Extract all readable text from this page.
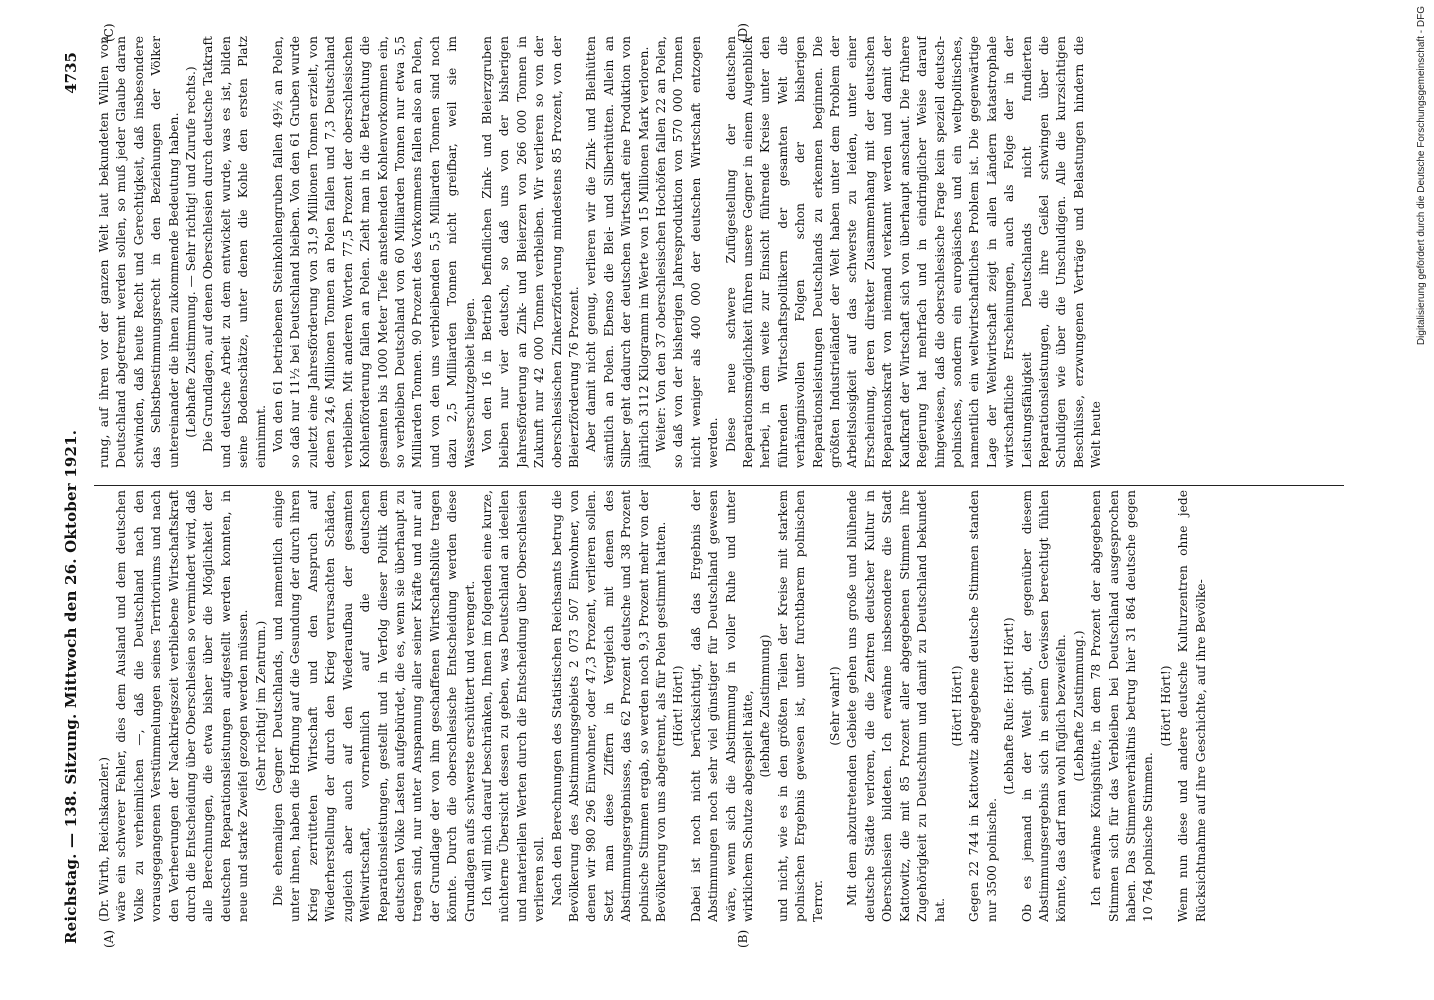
Reichstag. — 138. Sitzung. Mittwoch den 26. Oktober 1921.
4735
(A)	(B)
(C)	(D)

(Dr. Wirth, Reichskanzler.) wäre ein schwerer Fehler, dies dem Ausland und dem deutschen Volke zu verheimlichen —, daß die Deutschland nach den vorausgegangenen Verstümmelungen seines Territoriums und nach den Verheerungen der Nachkriegszeit verbliebene Wirtschaftskraft durch die Entscheidung über Oberschlesien so vermindert wird, daß alle Berechnungen, die etwa bisher über die Möglichkeit der deutschen Reparationsleistungen aufgestellt werden konnten, in neue und starke Zweifel gezogen werden müssen. (Sehr richtig! im Zentrum.) Die ehemaligen Gegner Deutschlands, und namentlich einige unter ihnen, haben die Hoffnung auf die Gesundung der durch ihren Krieg zerrütteten Wirtschaft und den Anspruch auf Wiederherstellung der durch den Krieg verursachten Schäden, zugleich aber auch auf den Wiederaufbau der gesamten Weltwirtschaft, vornehmlich auf die deutschen Reparationsleistungen, gestellt und in Verfolg dieser Politik dem deutschen Volke Lasten aufgebürdet, die es, wenn sie überhaupt zu tragen sind, nur unter Anspannung aller seiner Kräfte und nur auf der Grundlage der von ihm geschaffenen Wirtschaftsblüte tragen könnte. Durch die oberschlesische Entscheidung werden diese Grundlagen aufs schwerste erschüttert und verengert. Ich will mich darauf beschränken, Ihnen im folgenden eine kurze, nüchterne Übersicht dessen zu geben, was Deutschland an ideellen und materiellen Werten durch die Entscheidung über Oberschlesien verlieren soll. Nach den Berechnungen des Statistischen Reichsamts betrug die Bevölkerung des Abstimmungsgebiets 2 073 507 Einwohner, von denen wir 980 296 Einwohner, oder 47,3 Prozent, verlieren sollen. Setzt man diese Ziffern in Vergleich mit denen des Abstimmungsergebnisses, das 62 Prozent deutsche und 38 Prozent polnische Stimmen ergab, so werden noch 9,3 Prozent mehr von der Bevölkerung von uns abgetrennt, als für Polen gestimmt hatten. (Hört! Hört!) Dabei ist noch nicht berücksichtigt, daß das Ergebnis der Abstimmungen noch sehr viel günstiger für Deutschland gewesen wäre, wenn sich die Abstimmung in voller Ruhe und unter wirklichem Schutze abgespielt hätte, (lebhafte Zustimmung) und nicht, wie es in den größten Teilen der Kreise mit starkem polnischen Ergebnis gewesen ist, unter furchtbarem polnischen Terror.

(Sehr wahr!) Mit dem abzutretenden Gebiete gehen uns große und blühende deutsche Städte verloren, die die Zentren deutscher Kultur in Oberschlesien bildeten. Ich erwähne insbesondere die Stadt Kattowitz, die mit 85 Prozent aller abgegebenen Stimmen ihre Zugehörigkeit zu Deutschtum und damit zu Deutschland bekundet hat.

(Hört! Hört!) Gegen 22 744 in Kattowitz abgegebene deutsche Stimmen standen nur 3500 polnische.

(Lebhafte Rufe: Hört! Hört!) Ob es jemand in der Welt gibt, der gegenüber diesem Abstimmungsergebnis sich in seinem Gewissen berechtigt fühlen könnte, das darf man wohl füglich bezweifeln. (Lebhafte Zustimmung.) Ich erwähne Königshütte, in dem 78 Prozent der abgegebenen Stimmen sich für das Verbleiben bei Deutschland ausgesprochen haben. Das Stimmenverhältnis betrug hier 31 864 deutsche gegen 10 764 polnische Stimmen.

(Hört! Hört!) Wenn nun diese und andere deutsche Kulturzentren ohne jede Rücksichtnahme auf ihre Geschichte, auf ihre Bevölke-

rung, auf ihren vor der ganzen Welt laut bekundeten Willen von Deutschland abgetrennt werden sollen, so muß jeder Glaube daran schwinden, daß heute Recht und Gerechtigkeit, daß insbesondere das Selbstbestimmungsrecht in den Beziehungen der Völker untereinander die ihnen zukommende Bedeutung haben. (Lebhafte Zustimmung. — Sehr richtig! und Zurufe rechts.) Die Grundlagen, auf denen Oberschlesien durch deutsche Tatkraft und deutsche Arbeit zu dem entwickelt wurde, was es ist, bilden seine Bodenschätze, unter denen die Kohle den ersten Platz einnimmt. Von den 61 betriebenen Steinkohlengruben fallen 49½ an Polen, so daß nur 11½ bei Deutschland bleiben. Von den 61 Gruben wurde zuletzt eine Jahresförderung von 31,9 Millionen Tonnen erzielt, von denen 24,6 Millionen Tonnen an Polen fallen und 7,3 Deutschland verbleiben. Mit anderen Worten 77,5 Prozent der oberschlesischen Kohlenförderung fallen an Polen. Zieht man in die Betrachtung die gesamten bis 1000 Meter Tiefe anstehenden Kohlenvorkommen ein, so verbleiben Deutschland von 60 Milliarden Tonnen nur etwa 5,5 Milliarden Tonnen. 90 Prozent des Vorkommens fallen also an Polen, und von den uns verbleibenden 5,5 Milliarden Tonnen sind noch dazu 2,5 Milliarden Tonnen nicht greifbar, weil sie im Wasserschutzgebiet liegen. Von den 16 in Betrieb befindlichen Zink- und Bleierzgruben bleiben nur vier deutsch, so daß uns von der bisherigen Jahresförderung an Zink- und Bleierzen von 266 000 Tonnen in Zukunft nur 42 000 Tonnen verbleiben. Wir verlieren so von der oberschlesischen Zinkerzförderung mindestens 85 Prozent, von der Bleierzförderung 76 Prozent. Aber damit nicht genug, verlieren wir die Zink- und Bleihütten sämtlich an Polen. Ebenso die Blei- und Silberhütten. Allein an Silber geht dadurch der deutschen Wirtschaft eine Produktion von jährlich 3112 Kilogramm im Werte von 15 Millionen Mark verloren. Weiter: Von den 37 oberschlesischen Hochöfen fallen 22 an Polen, so daß von der bisherigen Jahresproduktion von 570 000 Tonnen nicht weniger als 400 000 der deutschen Wirtschaft entzogen werden. Diese neue schwere Zufügestellung der deutschen Reparationsmöglichkeit führen unsere Gegner in einem Augenblick herbei, in dem weite zur Einsicht führende Kreise unter den führenden Wirtschaftspolitikern der gesamten Welt die verhängnisvollen Folgen schon der bisherigen Reparationsleistungen Deutschlands zu erkennen beginnen. Die größten Industrieländer der Welt haben unter dem Problem der Arbeitslosigkeit auf das schwerste zu leiden, unter einer Erscheinung, deren direkter Zusammenhang mit der deutschen Reparationskraft von niemand verkannt werden und damit der Kaufkraft der Wirtschaft sich von überhaupt anschaut. Die frühere Regierung hat mehrfach und in eindringlicher Weise darauf hingewiesen, daß die oberschlesische Frage kein speziell deutsch-polnisches, sondern ein europäisches und ein weltpolitisches, namentlich ein weltwirtschaftliches Problem ist. Die gegenwärtige Lage der Weltwirtschaft zeigt in allen Ländern katastrophale wirtschaftliche Erscheinungen, auch als Folge der in der Leistungsfähigkeit Deutschlands nicht fundierten Reparationsleistungen, die ihre Geißel schwingen über die Schuldigen wie über die Unschuldigen. Alle die kurzsichtigen Beschlüsse, erzwungenen Verträge und Belastungen hindern die Welt heute

Digitalisierung gefördert durch die Deutsche Forschungsgemeinschaft - DFG
